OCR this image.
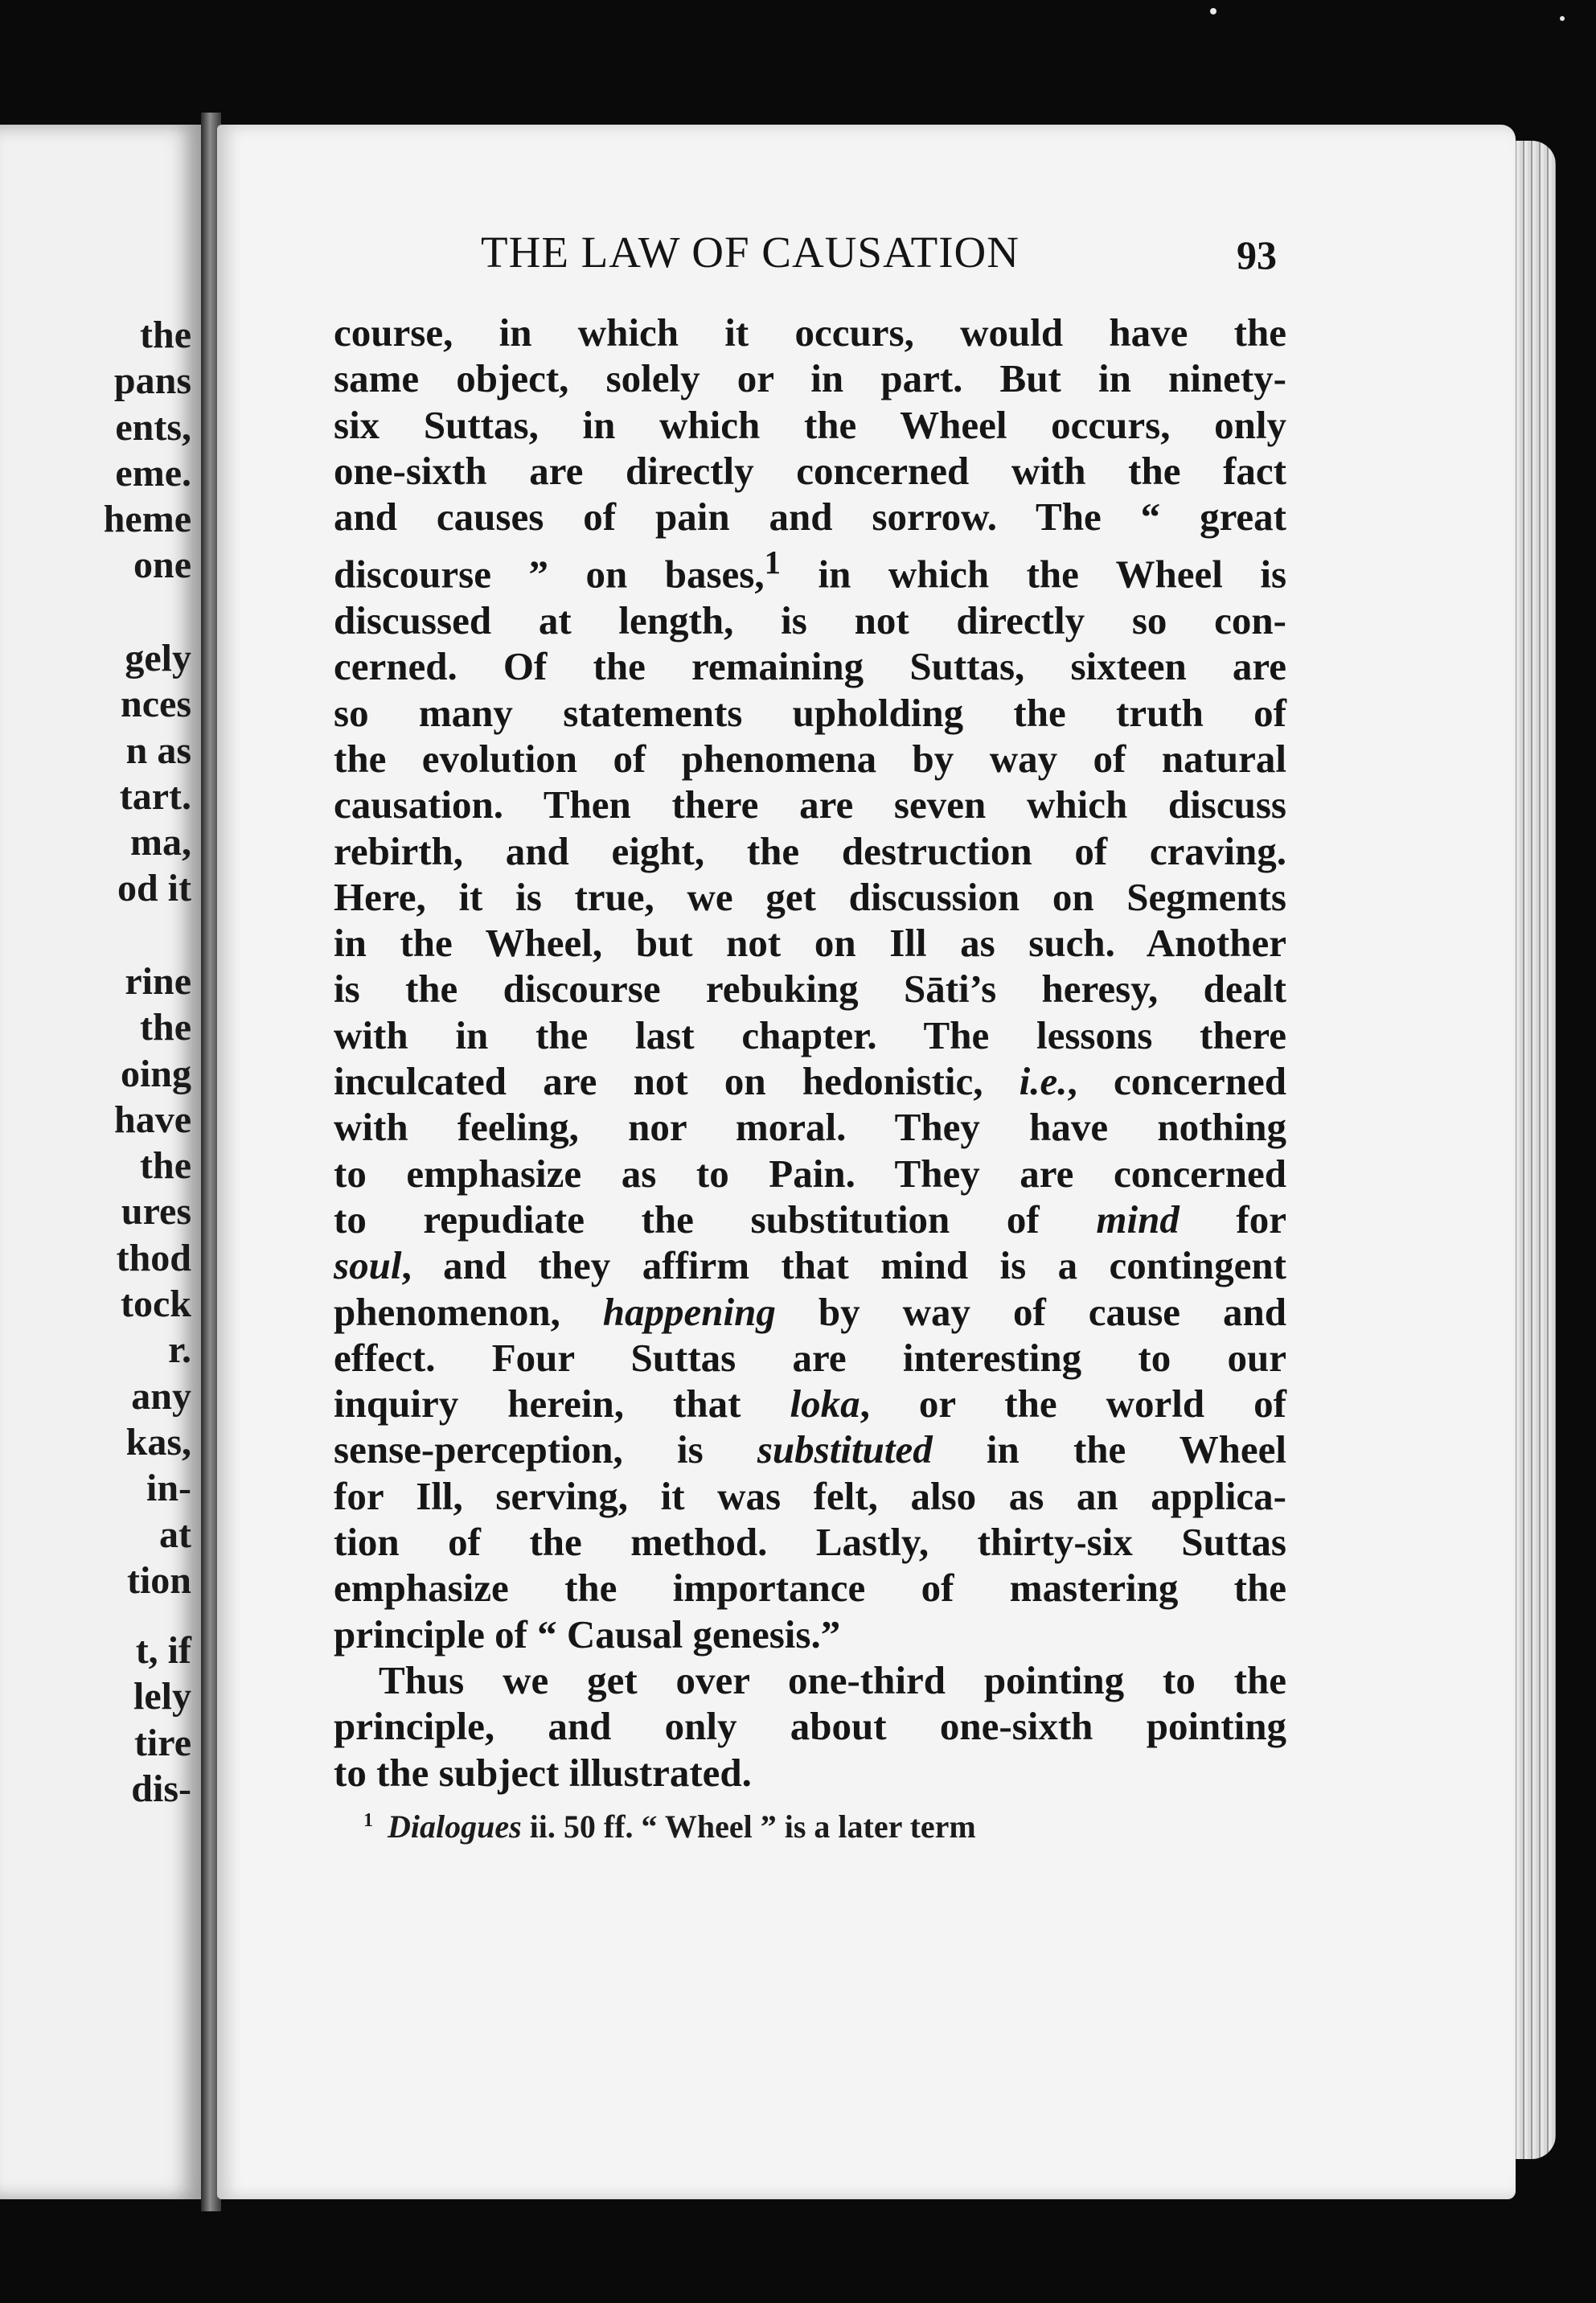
the
pans
ents,
eme.
heme
one
gely
nces
n as
tart.
ma,
od it
rine
the
oing
have
the
ures
thod
tock
r.
any
kas,
in-
at
tion
t, if
lely
tire
dis-
THE LAW OF CAUSATION	93
course, in which it occurs, would have the
same object, solely or in part. But in ninety-
six Suttas, in which the Wheel occurs, only
one-sixth are directly concerned with the fact
and causes of pain and sorrow. The “ great
discourse ” on bases,$^1$ in which the Wheel is
discussed at length, is not directly so con-
cerned. Of the remaining Suttas, sixteen are
so many statements upholding the truth of
the evolution of phenomena by way of natural
causation. Then there are seven which discuss
rebirth, and eight, the destruction of craving.
Here, it is true, we get discussion on Segments
in the Wheel, but not on Ill as such. Another
is the discourse rebuking Sāti’s heresy, dealt
with in the last chapter. The lessons there
inculcated are not on hedonistic, i.e., concerned
with feeling, nor moral. They have nothing
to emphasize as to Pain. They are concerned
to repudiate the substitution of mind for
soul, and they affirm that mind is a contingent
phenomenon, happening by way of cause and
effect. Four Suttas are interesting to our
inquiry herein, that loka, or the world of
sense-perception, is substituted in the Wheel
for Ill, serving, it was felt, also as an applica-
tion of the method. Lastly, thirty-six Suttas
emphasize the importance of mastering the
principle of “ Causal genesis.”
Thus we get over one-third pointing to the
principle, and only about one-sixth pointing
to the subject illustrated.
$^1$ Dialogues ii. 50 ff. “ Wheel ” is a later term
